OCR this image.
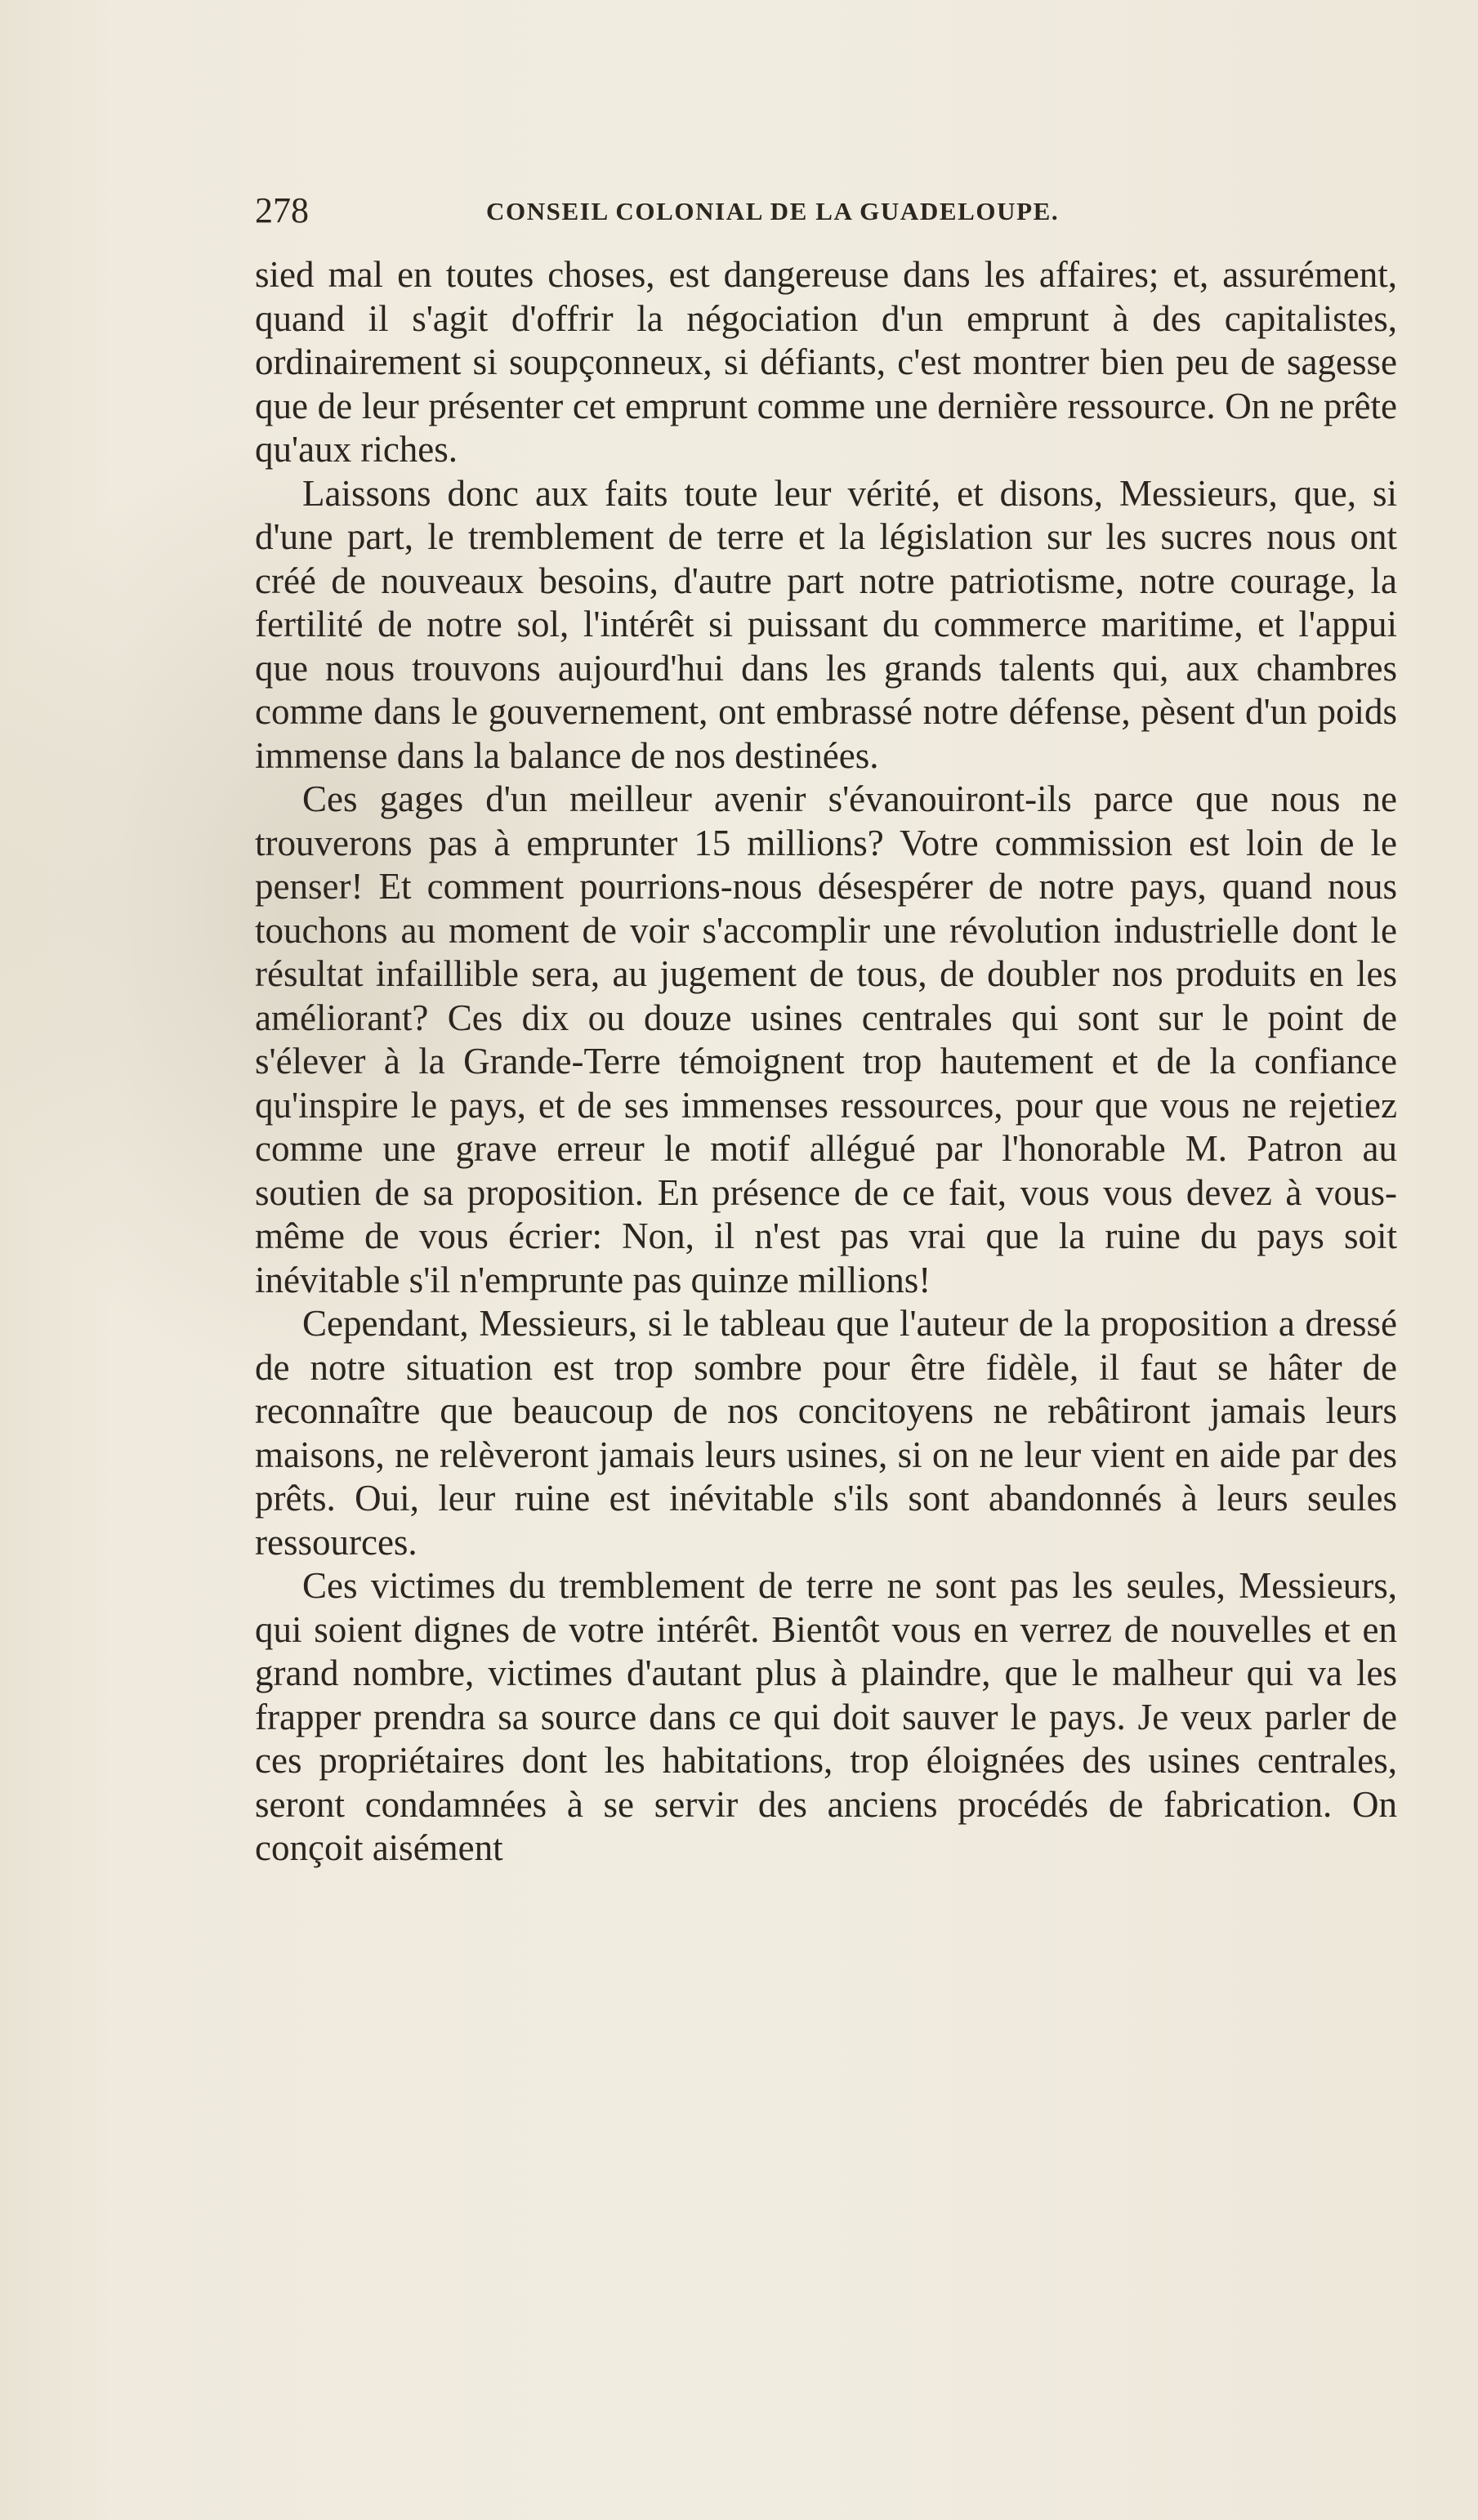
278	CONSEIL COLONIAL DE LA GUADELOUPE.

sied mal en toutes choses, est dangereuse dans les affaires; et, assurément, quand il s'agit d'offrir la négociation d'un emprunt à des capitalistes, ordinairement si soupçonneux, si défiants, c'est montrer bien peu de sagesse que de leur présenter cet emprunt comme une dernière ressource. On ne prête qu'aux riches.

Laissons donc aux faits toute leur vérité, et disons, Messieurs, que, si d'une part, le tremblement de terre et la législation sur les sucres nous ont créé de nouveaux besoins, d'autre part notre patriotisme, notre courage, la fertilité de notre sol, l'intérêt si puissant du commerce maritime, et l'appui que nous trouvons aujourd'hui dans les grands talents qui, aux chambres comme dans le gouvernement, ont embrassé notre défense, pèsent d'un poids immense dans la balance de nos destinées.

Ces gages d'un meilleur avenir s'évanouiront-ils parce que nous ne trouverons pas à emprunter 15 millions? Votre commission est loin de le penser! Et comment pourrions-nous désespérer de notre pays, quand nous touchons au moment de voir s'accomplir une révolution industrielle dont le résultat infaillible sera, au jugement de tous, de doubler nos produits en les améliorant? Ces dix ou douze usines centrales qui sont sur le point de s'élever à la Grande-Terre témoignent trop hautement et de la confiance qu'inspire le pays, et de ses immenses ressources, pour que vous ne rejetiez comme une grave erreur le motif allégué par l'honorable M. Patron au soutien de sa proposition. En présence de ce fait, vous vous devez à vous-même de vous écrier: Non, il n'est pas vrai que la ruine du pays soit inévitable s'il n'emprunte pas quinze millions!

Cependant, Messieurs, si le tableau que l'auteur de la proposition a dressé de notre situation est trop sombre pour être fidèle, il faut se hâter de reconnaître que beaucoup de nos concitoyens ne rebâtiront jamais leurs maisons, ne relèveront jamais leurs usines, si on ne leur vient en aide par des prêts. Oui, leur ruine est inévitable s'ils sont abandonnés à leurs seules ressources.

Ces victimes du tremblement de terre ne sont pas les seules, Messieurs, qui soient dignes de votre intérêt. Bientôt vous en verrez de nouvelles et en grand nombre, victimes d'autant plus à plaindre, que le malheur qui va les frapper prendra sa source dans ce qui doit sauver le pays. Je veux parler de ces propriétaires dont les habitations, trop éloignées des usines centrales, seront condamnées à se servir des anciens procédés de fabrication. On conçoit aisément
